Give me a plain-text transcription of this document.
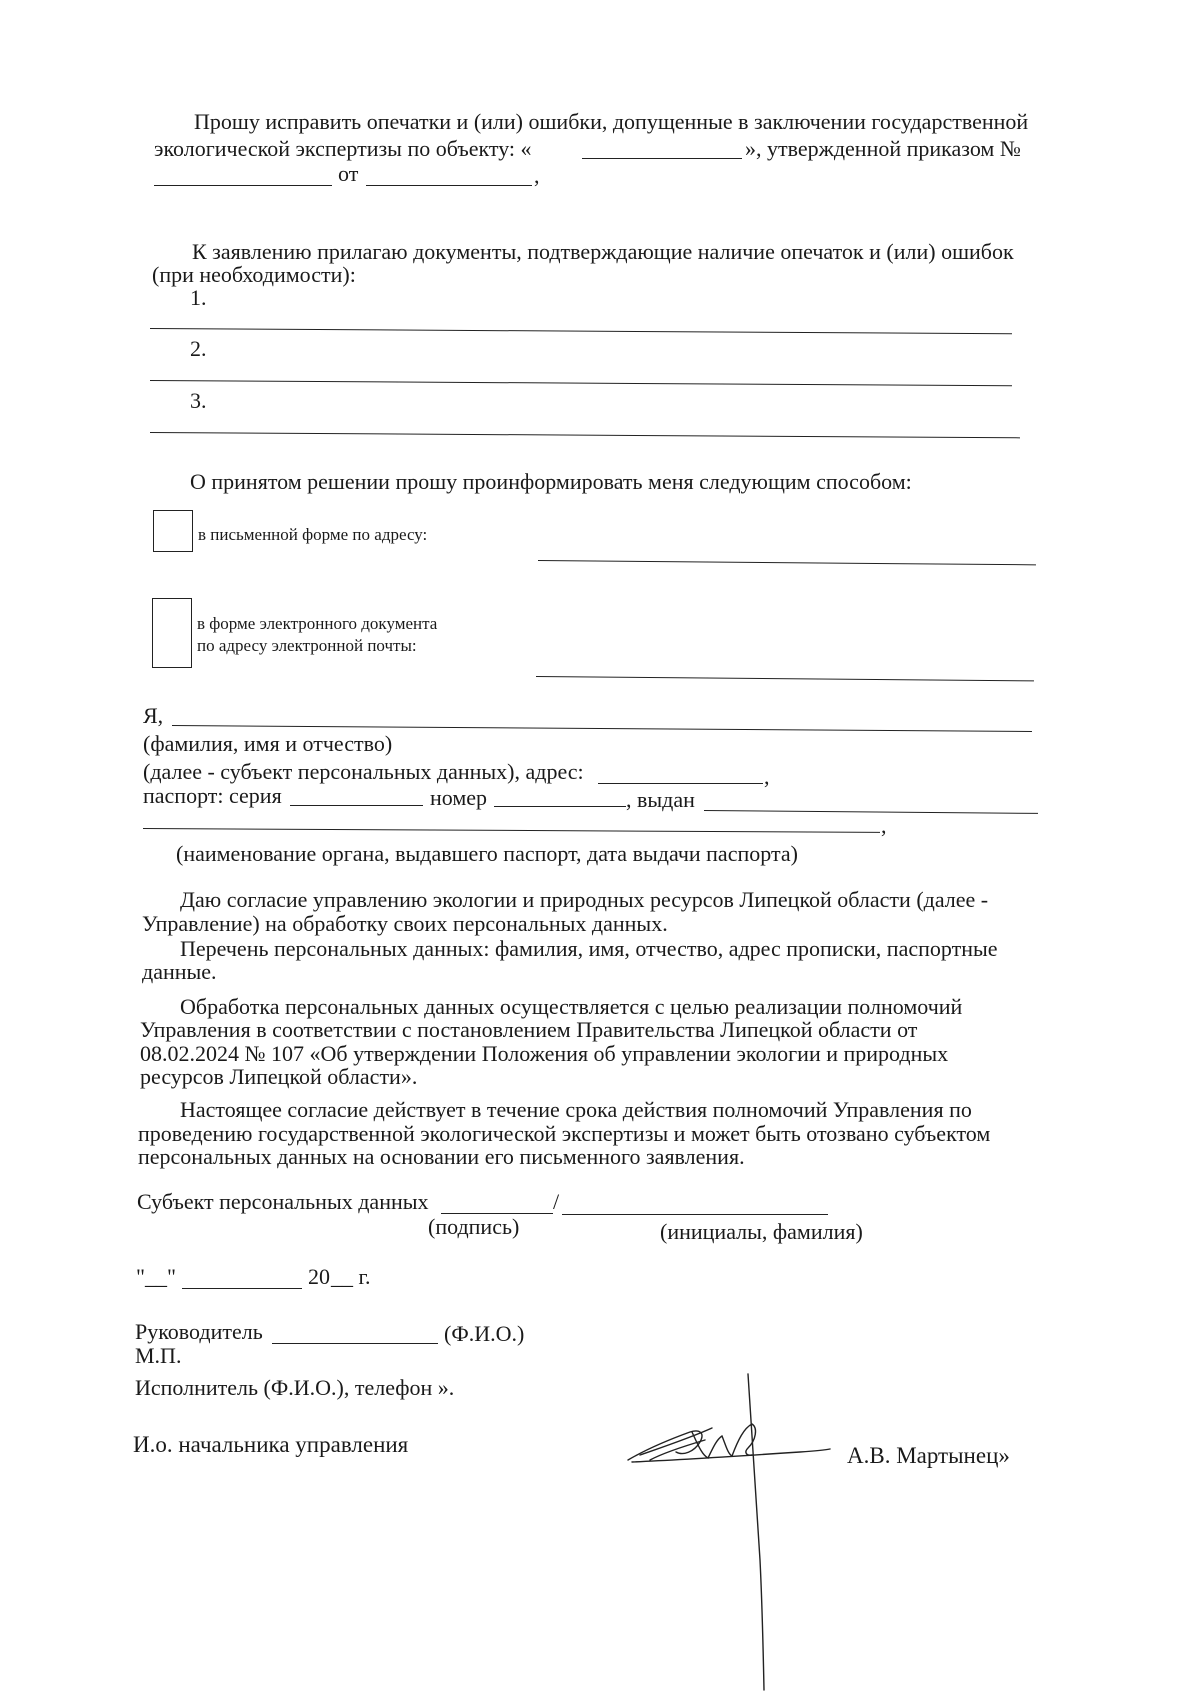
Прошу исправить опечатки и (или) ошибки, допущенные в заключении государственной
экологической экспертизы по объекту: «	», утвержденной приказом №
от	,
К заявлению прилагаю документы, подтверждающие наличие опечаток и (или) ошибок
(при необходимости):
1.
2.
3.
О принятом решении прошу проинформировать меня следующим способом:
в письменной форме по адресу:
в форме электронного документа
по адресу электронной почты:
Я,
(фамилия, имя и отчество)
(далее - субъект персональных данных), адрес:	,
паспорт: серия	номер	, выдан
,
(наименование органа, выдавшего паспорт, дата выдачи паспорта)
Даю согласие управлению экологии и природных ресурсов Липецкой области (далее -
Управление) на обработку своих персональных данных.
Перечень персональных данных: фамилия, имя, отчество, адрес прописки, паспортные
данные.
Обработка персональных данных осуществляется с целью реализации полномочий
Управления в соответствии с постановлением Правительства Липецкой области от
08.02.2024 № 107 «Об утверждении Положения об управлении экологии и природных
ресурсов Липецкой области».
Настоящее согласие действует в течение срока действия полномочий Управления по
проведению государственной экологической экспертизы и может быть отозвано субъектом
персональных данных на основании его письменного заявления.
Субъект персональных данных	/
(подпись)	(инициалы, фамилия)
"__"	20 __ г.
Руководитель	(Ф.И.О.)
М.П.
Исполнитель (Ф.И.О.), телефон ».
И.о. начальника управления	А.В. Мартынец»
